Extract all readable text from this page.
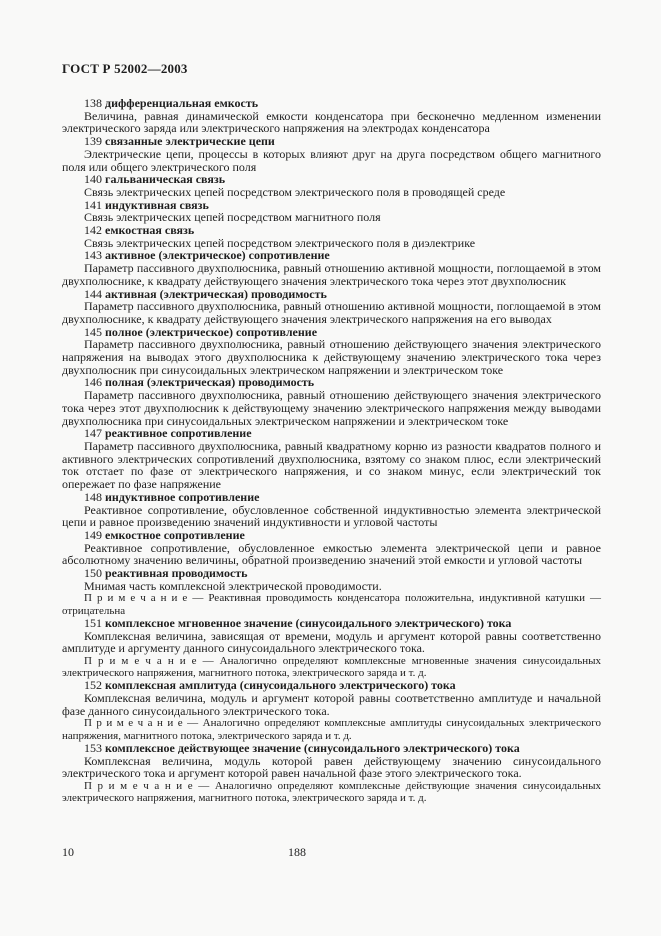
ГОСТ Р 52002—2003

138 дифференциальная емкость

Величина, равная динамической емкости конденсатора при бесконечно медленном изменении электрического заряда или электрического напряжения на электродах конденсатора

139 связанные электрические цепи

Электрические цепи, процессы в которых влияют друг на друга посредством общего магнитного поля или общего электрического поля

140 гальваническая связь

Связь электрических цепей посредством электрического поля в проводящей среде

141 индуктивная связь

Связь электрических цепей посредством магнитного поля

142 емкостная связь

Связь электрических цепей посредством электрического поля в диэлектрике

143 активное (электрическое) сопротивление

Параметр пассивного двухполюсника, равный отношению активной мощности, поглощаемой в этом двухполюснике, к квадрату действующего значения электрического тока через этот двухполюсник

144 активная (электрическая) проводимость

Параметр пассивного двухполюсника, равный отношению активной мощности, поглощаемой в этом двухполюснике, к квадрату действующего значения электрического напряжения на его выводах

145 полное (электрическое) сопротивление

Параметр пассивного двухполюсника, равный отношению действующего значения электрического напряжения на выводах этого двухполюсника к действующему значению электрического тока через двухполюсник при синусоидальных электрическом напряжении и электрическом токе

146 полная (электрическая) проводимость

Параметр пассивного двухполюсника, равный отношению действующего значения электрического тока через этот двухполюсник к действующему значению электрического напряжения между выводами двухполюсника при синусоидальных электрическом напряжении и электрическом токе

147 реактивное сопротивление

Параметр пассивного двухполюсника, равный квадратному корню из разности квадратов полного и активного электрических сопротивлений двухполюсника, взятому со знаком плюс, если электрический ток отстает по фазе от электрического напряжения, и со знаком минус, если электрический ток опережает по фазе напряжение

148 индуктивное сопротивление

Реактивное сопротивление, обусловленное собственной индуктивностью элемента электрической цепи и равное произведению значений индуктивности и угловой частоты

149 емкостное сопротивление

Реактивное сопротивление, обусловленное емкостью элемента электрической цепи и равное абсолютному значению величины, обратной произведению значений этой емкости и угловой частоты

150 реактивная проводимость

Мнимая часть комплексной электрической проводимости.

П р и м е ч а н и е — Реактивная проводимость конденсатора положительна, индуктивной катушки — отрицательна

151 комплексное мгновенное значение (синусоидального электрического) тока

Комплексная величина, зависящая от времени, модуль и аргумент которой равны соответственно амплитуде и аргументу данного синусоидального электрического тока.

П р и м е ч а н и е — Аналогично определяют комплексные мгновенные значения синусоидальных электрического напряжения, магнитного потока, электрического заряда и т. д.

152 комплексная амплитуда (синусоидального электрического) тока

Комплексная величина, модуль и аргумент которой равны соответственно амплитуде и начальной фазе данного синусоидального электрического тока.

П р и м е ч а н и е — Аналогично определяют комплексные амплитуды синусоидальных электрического напряжения, магнитного потока, электрического заряда и т. д.

153 комплексное действующее значение (синусоидального электрического) тока

Комплексная величина, модуль которой равен действующему значению синусоидального электрического тока и аргумент которой равен начальной фазе этого электрического тока.

П р и м е ч а н и е — Аналогично определяют комплексные действующие значения синусоидальных электрического напряжения, магнитного потока, электрического заряда и т. д.

10	188
